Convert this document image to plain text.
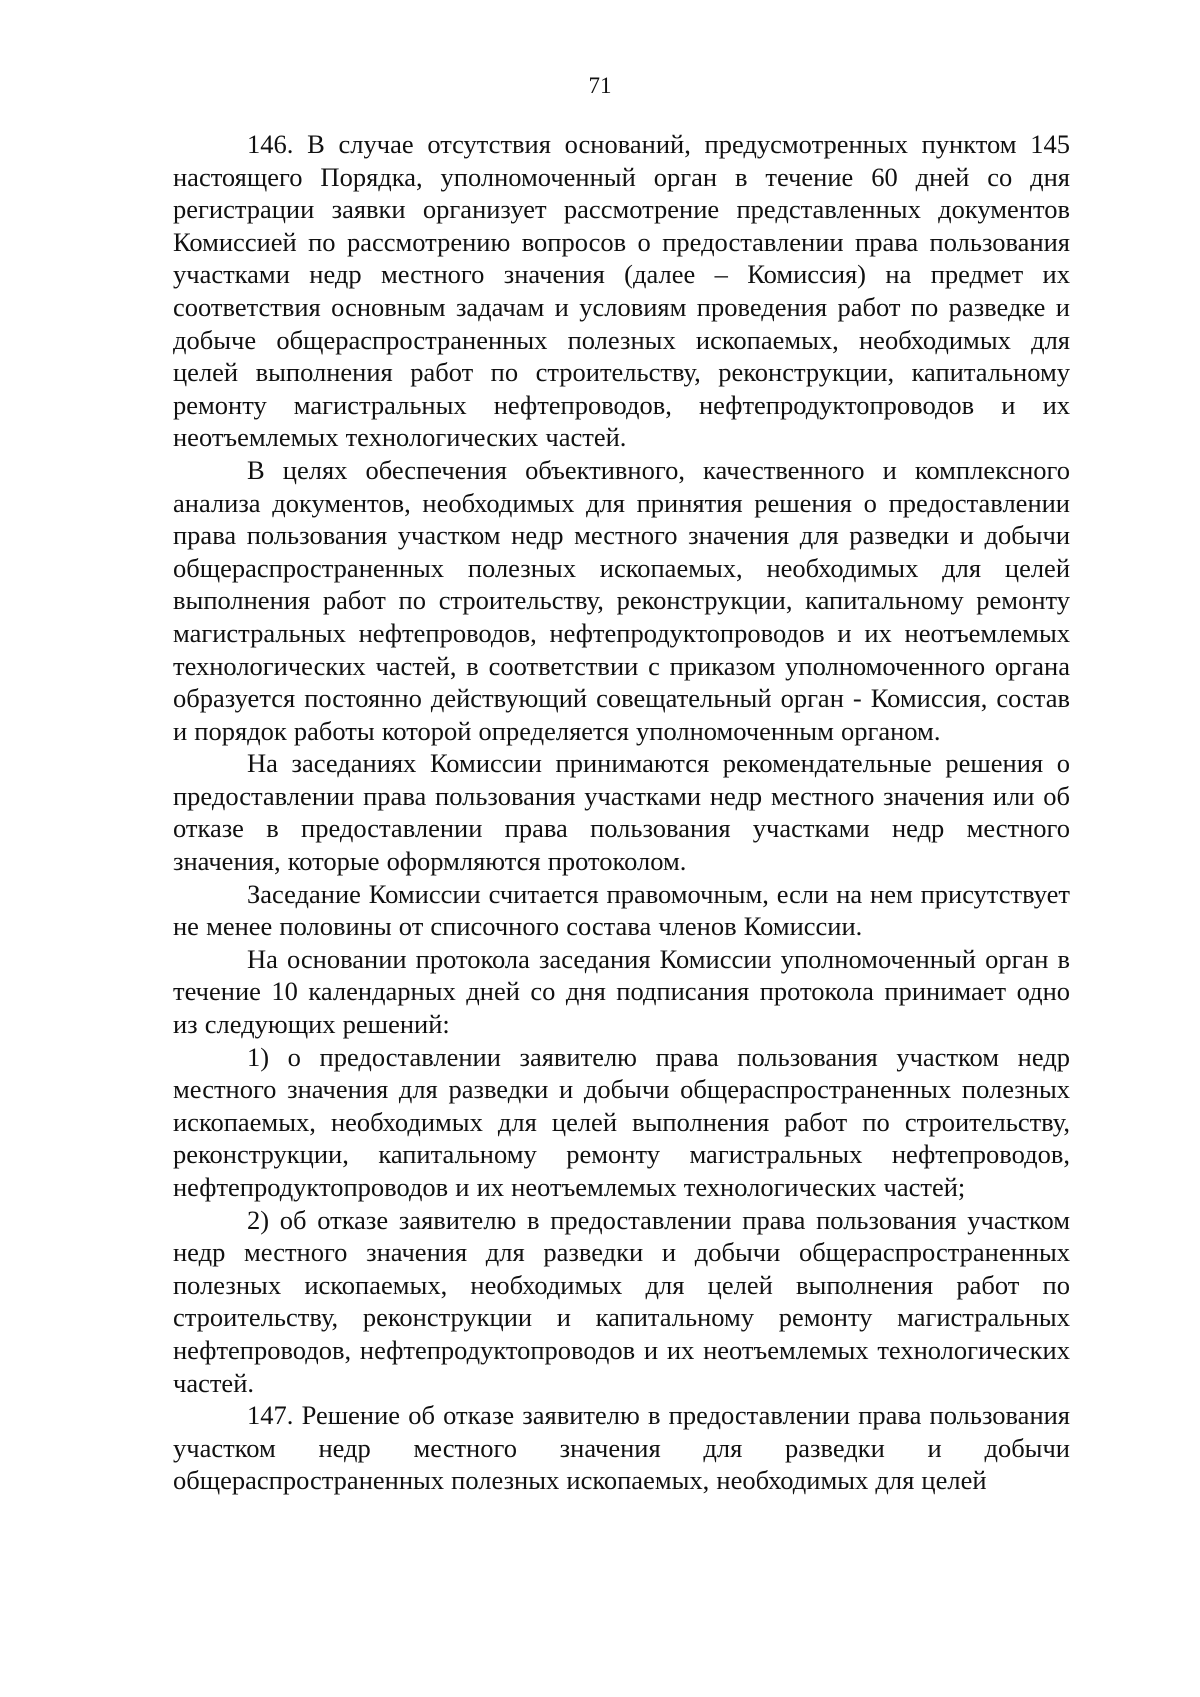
71

146. В случае отсутствия оснований, предусмотренных пунктом 145 настоящего Порядка, уполномоченный орган в течение 60 дней со дня регистрации заявки организует рассмотрение представленных документов Комиссией по рассмотрению вопросов о предоставлении права пользования участками недр местного значения (далее – Комиссия) на предмет их соответствия основным задачам и условиям проведения работ по разведке и добыче общераспространенных полезных ископаемых, необходимых для целей выполнения работ по строительству, реконструкции, капитальному ремонту магистральных нефтепроводов, нефтепродуктопроводов и их неотъемлемых технологических частей.

В целях обеспечения объективного, качественного и комплексного анализа документов, необходимых для принятия решения о предоставлении права пользования участком недр местного значения для разведки и добычи общераспространенных полезных ископаемых, необходимых для целей выполнения работ по строительству, реконструкции, капитальному ремонту магистральных нефтепроводов, нефтепродуктопроводов и их неотъемлемых технологических частей, в соответствии с приказом уполномоченного органа образуется постоянно действующий совещательный орган - Комиссия, состав и порядок работы которой определяется уполномоченным органом.

На заседаниях Комиссии принимаются рекомендательные решения о предоставлении права пользования участками недр местного значения или об отказе в предоставлении права пользования участками недр местного значения, которые оформляются протоколом.

Заседание Комиссии считается правомочным, если на нем присутствует не менее половины от списочного состава членов Комиссии.

На основании протокола заседания Комиссии уполномоченный орган в течение 10 календарных дней со дня подписания протокола принимает одно из следующих решений:

1) о предоставлении заявителю права пользования участком недр местного значения для разведки и добычи общераспространенных полезных ископаемых, необходимых для целей выполнения работ по строительству, реконструкции, капитальному ремонту магистральных нефтепроводов, нефтепродуктопроводов и их неотъемлемых технологических частей;

2) об отказе заявителю в предоставлении права пользования участком недр местного значения для разведки и добычи общераспространенных полезных ископаемых, необходимых для целей выполнения работ по строительству, реконструкции и капитальному ремонту магистральных нефтепроводов, нефтепродуктопроводов и их неотъемлемых технологических частей.

147. Решение об отказе заявителю в предоставлении права пользования участком недр местного значения для разведки и добычи общераспространенных полезных ископаемых, необходимых для целей
